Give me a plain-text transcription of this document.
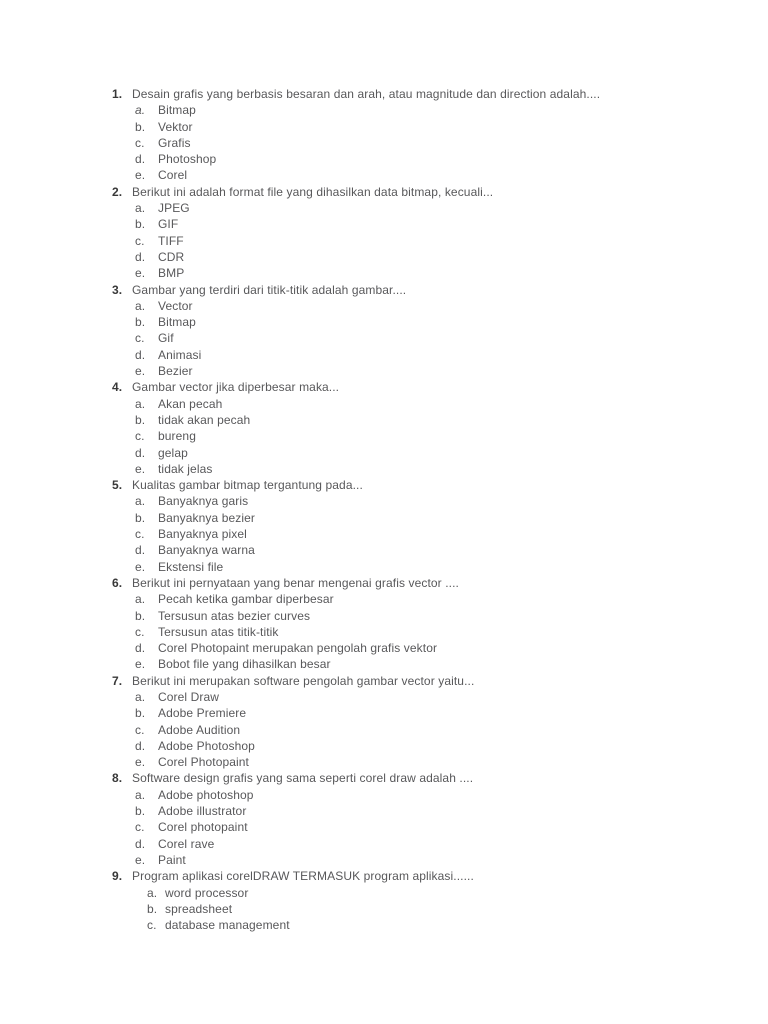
1. Desain grafis yang berbasis besaran dan arah, atau magnitude dan direction adalah....
a.	Bitmap
b.	Vektor
c.	Grafis
d.	Photoshop
e.	Corel
2. Berikut ini adalah format file yang dihasilkan data bitmap, kecuali...
a.	JPEG
b.	GIF
c.	TIFF
d.	CDR
e.	BMP
3. Gambar yang terdiri dari titik-titik adalah gambar....
a.	Vector
b.	Bitmap
c.	Gif
d.	Animasi
e.	Bezier
4. Gambar vector jika diperbesar maka...
a.	Akan pecah
b.	tidak akan pecah
c.	bureng
d.	gelap
e.	tidak jelas
5. Kualitas gambar bitmap tergantung pada...
a.	Banyaknya garis
b.	Banyaknya bezier
c.	Banyaknya pixel
d.	Banyaknya warna
e.	Ekstensi file
6. Berikut ini pernyataan yang benar mengenai grafis vector ....
a.	Pecah ketika gambar diperbesar
b.	Tersusun atas bezier curves
c.	Tersusun atas titik-titik
d.	Corel Photopaint merupakan pengolah grafis vektor
e.	Bobot file yang dihasilkan besar
7. Berikut ini merupakan software pengolah gambar vector yaitu...
a.	Corel Draw
b.	Adobe Premiere
c.	Adobe Audition
d.	Adobe Photoshop
e.	Corel Photopaint
8. Software design grafis yang sama seperti corel draw adalah ....
a.	Adobe photoshop
b.	Adobe illustrator
c.	Corel photopaint
d.	Corel rave
e.	Paint
9. Program aplikasi corelDRAW TERMASUK program aplikasi......
a. word processor
b. spreadsheet
c. database management
